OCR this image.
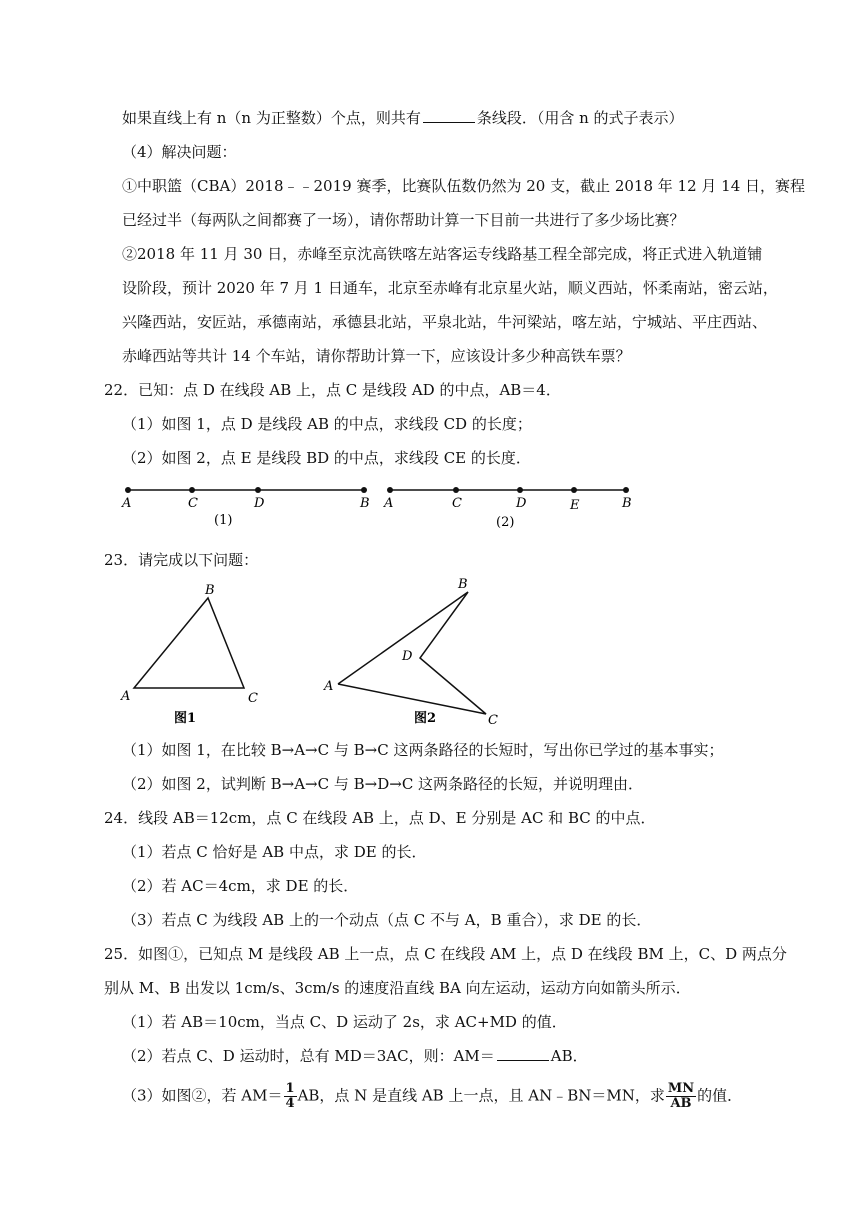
如果直线上有 n（n 为正整数）个点，则共有	条线段．（用含 n 的式子表示）
（4）解决问题：
①中职篮（CBA）2018﹣﹣2019 赛季，比赛队伍数仍然为 20 支，截止 2018 年 12 月 14 日，赛程
已经过半（每两队之间都赛了一场），请你帮助计算一下目前一共进行了多少场比赛？
②2018 年 11 月 30 日，赤峰至京沈高铁喀左站客运专线路基工程全部完成，将正式进入轨道铺
设阶段，预计 2020 年 7 月 1 日通车，北京至赤峰有北京星火站，顺义西站，怀柔南站，密云站，
兴隆西站，安匠站，承德南站，承德县北站，平泉北站，牛河梁站，喀左站，宁城站、平庄西站、
赤峰西站等共计 14 个车站，请你帮助计算一下，应该设计多少种高铁车票？
22．已知：点 D 在线段 AB 上，点 C 是线段 AD 的中点，AB＝4．
（1）如图 1，点 D 是线段 AB 的中点，求线段 CD 的长度；
（2）如图 2，点 E 是线段 BD 的中点，求线段 CE 的长度．
A	C	D	B
(1)
A	C	D	E	B
(2)
23．请完成以下问题：
B
A	C
图1
B
D
A
C
图2
（1）如图 1，在比较 B→A→C 与 B→C 这两条路径的长短时，写出你已学过的基本事实；
（2）如图 2，试判断 B→A→C 与 B→D→C 这两条路径的长短，并说明理由．
24．线段 AB＝12cm，点 C 在线段 AB 上，点 D、E 分别是 AC 和 BC 的中点．
（1）若点 C 恰好是 AB 中点，求 DE 的长．
（2）若 AC＝4cm，求 DE 的长．
（3）若点 C 为线段 AB 上的一个动点（点 C 不与 A，B 重合），求 DE 的长．
25．如图①，已知点 M 是线段 AB 上一点，点 C 在线段 AM 上，点 D 在线段 BM 上，C、D 两点分
别从 M、B 出发以 1cm/s、3cm/s 的速度沿直线 BA 向左运动，运动方向如箭头所示．
（1）若 AB＝10cm，当点 C、D 运动了 2s，求 AC+MD 的值．
（2）若点 C、D 运动时，总有 MD＝3AC，则：AM＝	AB．
（3）如图②，若 $AM= \frac{1}{4}$ AB，点 N 是直线 AB 上一点，且 AN﹣BN＝MN，求 $\frac{MN}{AB}$ 的值．
